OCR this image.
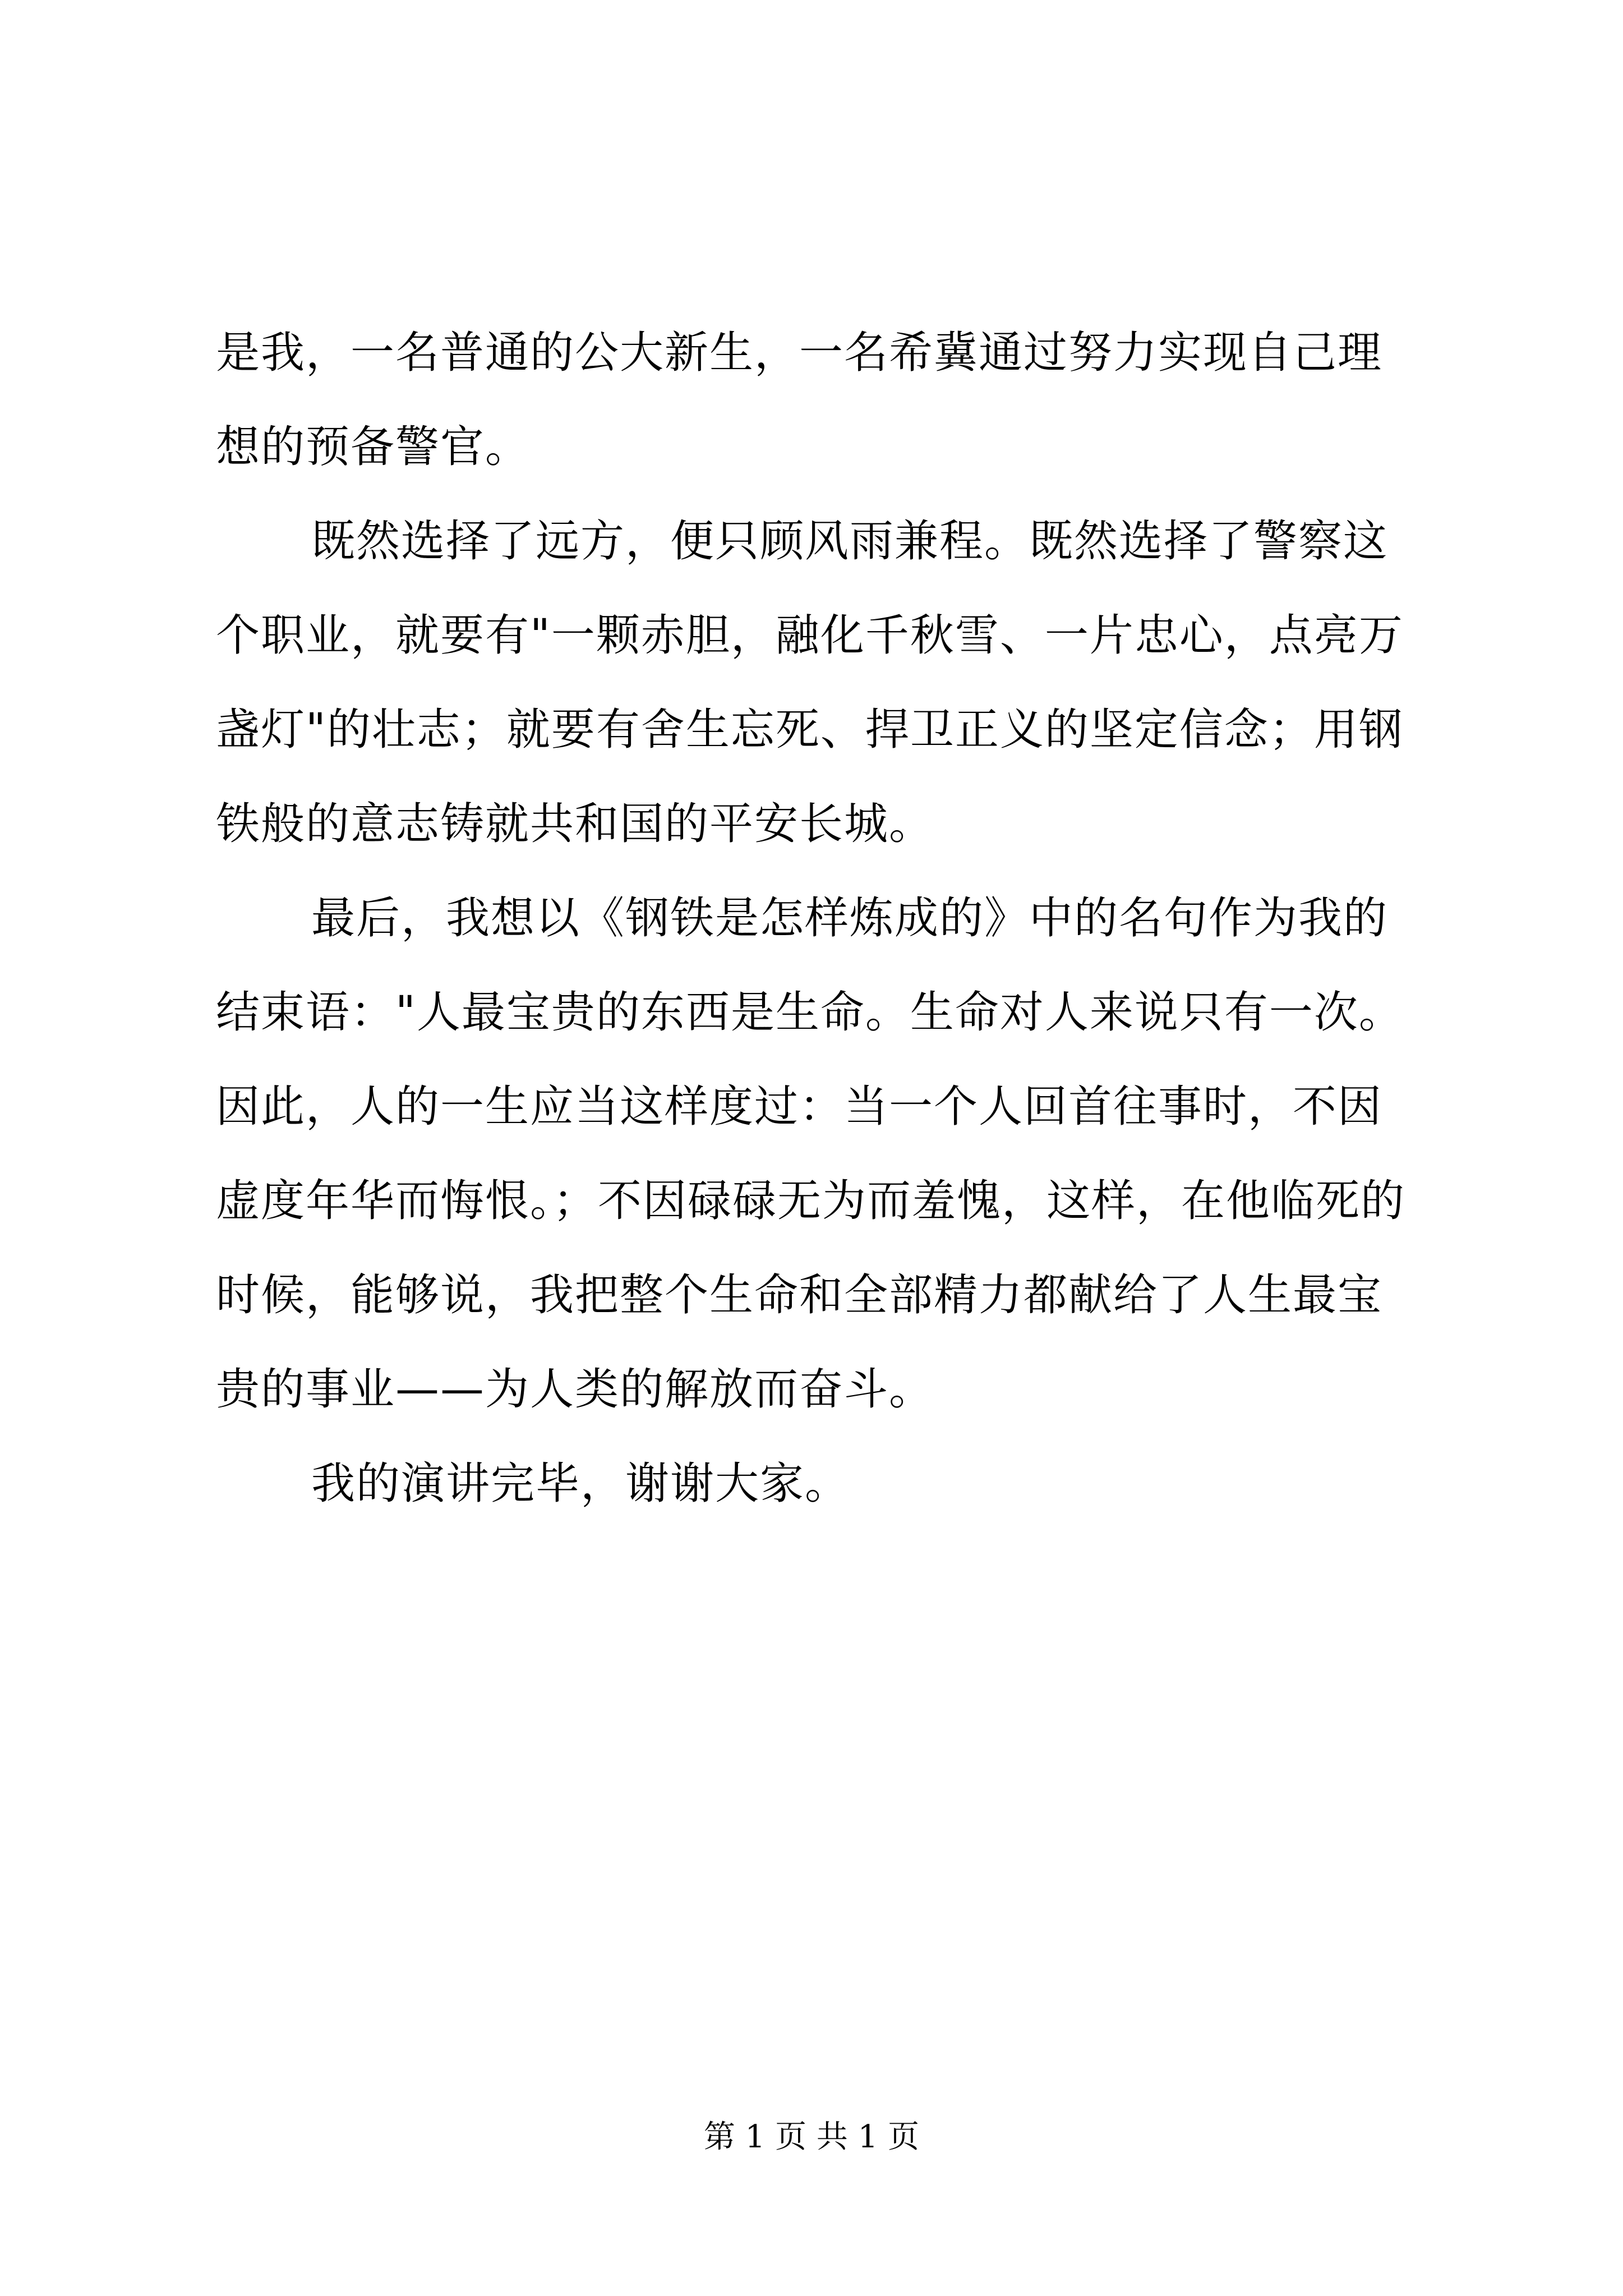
是我，一名普通的公大新生，一名希冀通过努力实现自己理想的预备警官。

既然选择了远方，便只顾风雨兼程。既然选择了警察这个职业，就要有"一颗赤胆，融化千秋雪、一片忠心，点亮万盏灯"的壮志；就要有舍生忘死、捍卫正义的坚定信念；用钢铁般的意志铸就共和国的平安长城。

最后，我想以《钢铁是怎样炼成的》中的名句作为我的结束语："人最宝贵的东西是生命。生命对人来说只有一次。因此，人的一生应当这样度过：当一个人回首往事时，不因虚度年华而悔恨。；不因碌碌无为而羞愧，这样，在他临死的时候，能够说，我把整个生命和全部精力都献给了人生最宝贵的事业——为人类的解放而奋斗。

我的演讲完毕，谢谢大家。

第 1 页 共 1 页
